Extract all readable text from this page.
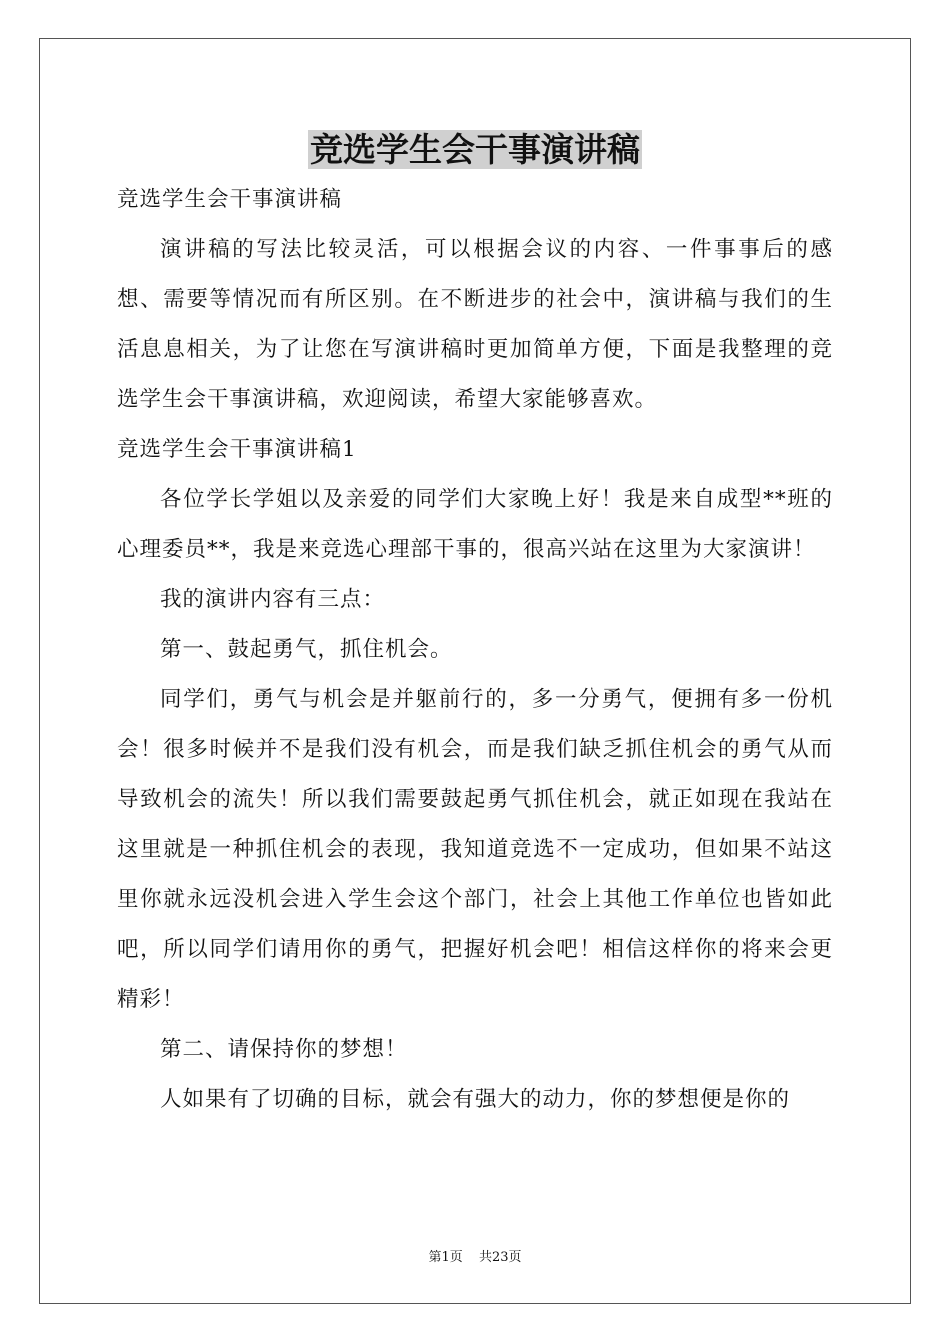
竞选学生会干事演讲稿

竞选学生会干事演讲稿

演讲稿的写法比较灵活，可以根据会议的内容、一件事事后的感想、需要等情况而有所区别。在不断进步的社会中，演讲稿与我们的生活息息相关，为了让您在写演讲稿时更加简单方便，下面是我整理的竞选学生会干事演讲稿，欢迎阅读，希望大家能够喜欢。

竞选学生会干事演讲稿1

各位学长学姐以及亲爱的同学们大家晚上好！我是来自成型**班的心理委员**，我是来竞选心理部干事的，很高兴站在这里为大家演讲！

我的演讲内容有三点：

第一、鼓起勇气，抓住机会。

同学们，勇气与机会是并躯前行的，多一分勇气，便拥有多一份机会！很多时候并不是我们没有机会，而是我们缺乏抓住机会的勇气从而导致机会的流失！所以我们需要鼓起勇气抓住机会，就正如现在我站在这里就是一种抓住机会的表现，我知道竞选不一定成功，但如果不站这里你就永远没机会进入学生会这个部门，社会上其他工作单位也皆如此吧，所以同学们请用你的勇气，把握好机会吧！相信这样你的将来会更精彩！

第二、请保持你的梦想！

人如果有了切确的目标，就会有强大的动力，你的梦想便是你的

第1页 共23页
